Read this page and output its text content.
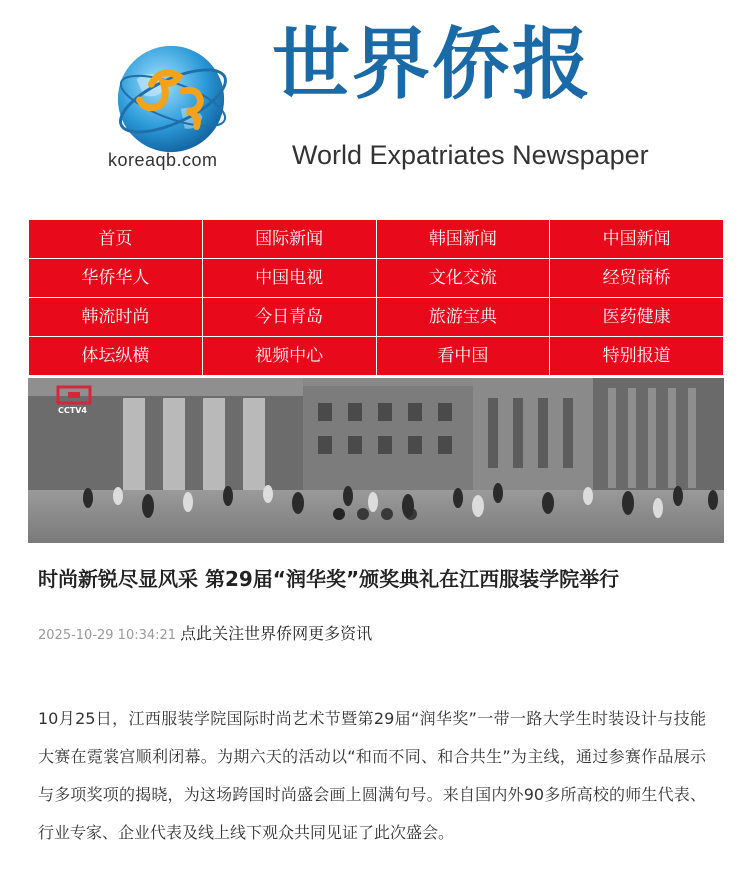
koreaqb.com
世界侨报
World Expatriates Newspaper
首页	国际新闻	韩国新闻	中国新闻
华侨华人	中国电视	文化交流	经贸商桥
韩流时尚	今日青岛	旅游宝典	医药健康
体坛纵横	视频中心	看中国	特别报道
CCTV4
时尚新锐尽显风采 第29届“润华奖”颁奖典礼在江西服装学院举行
2025-10-29 10:34:21 点此关注世界侨网更多资讯
10月25日，江西服装学院国际时尚艺术节暨第29届“润华奖”一带一路大学生时装设计与技能大赛在霓裳宫顺利闭幕。为期六天的活动以“和而不同、和合共生”为主线，通过参赛作品展示与多项奖项的揭晓，为这场跨国时尚盛会画上圆满句号。来自国内外90多所高校的师生代表、行业专家、企业代表及线上线下观众共同见证了此次盛会。
